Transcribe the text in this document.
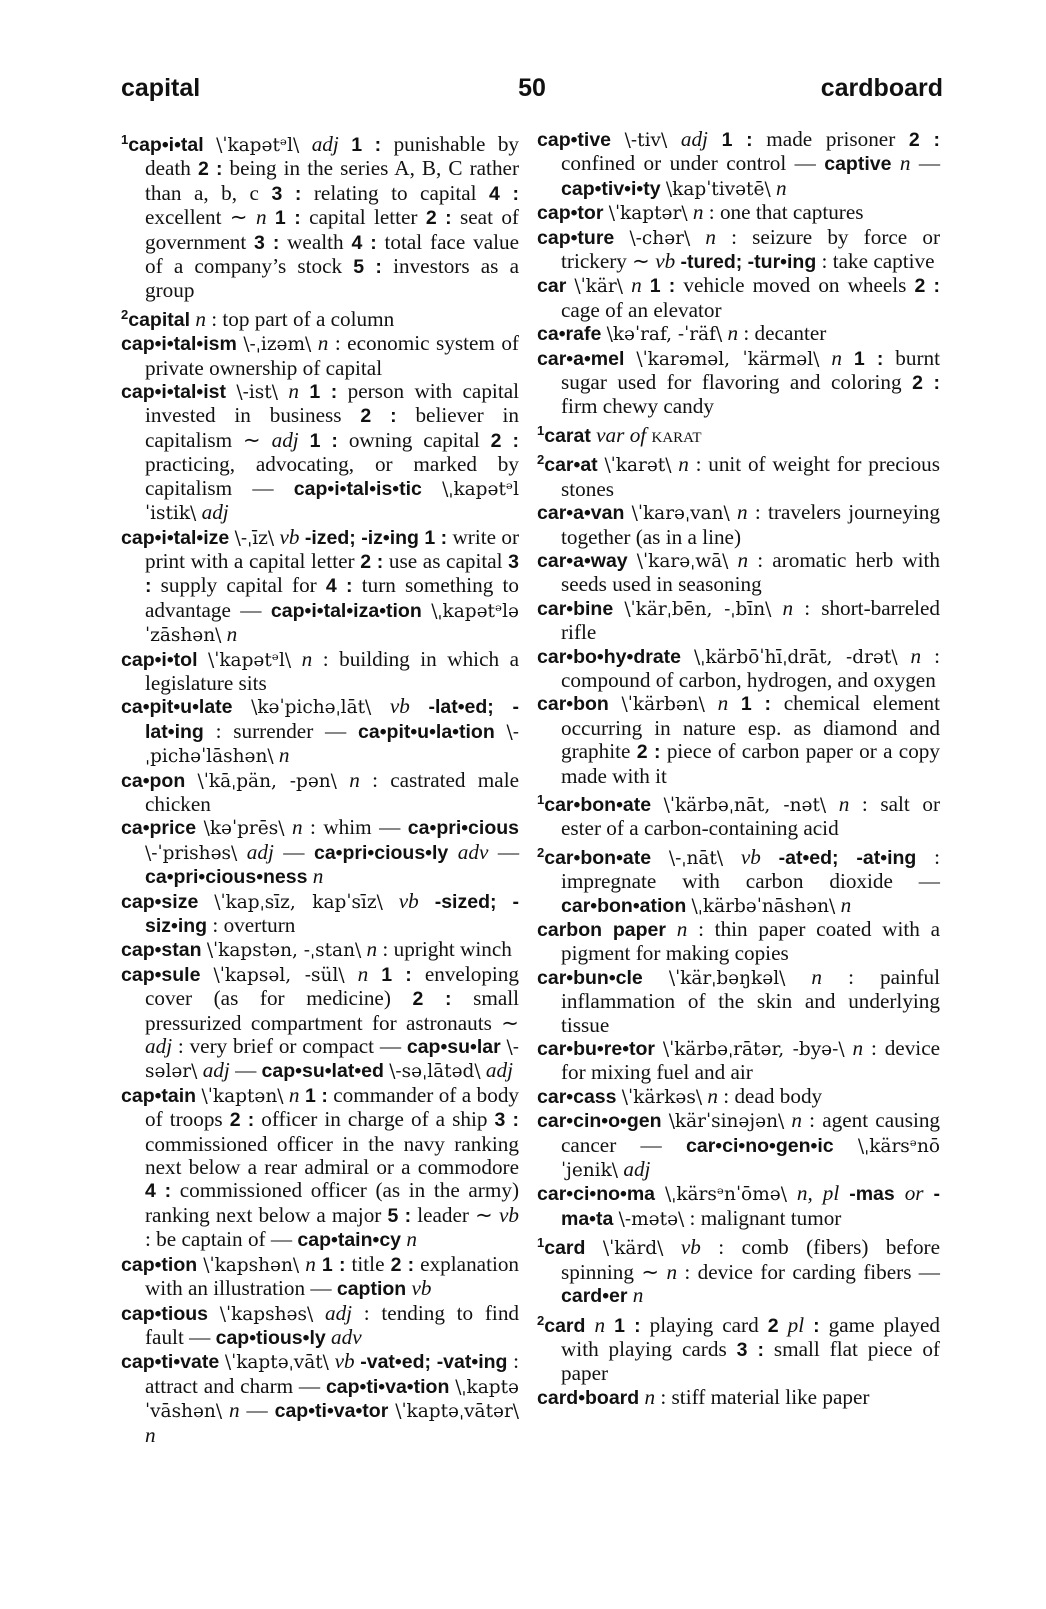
capital	50	cardboard

$^1$cap•i•tal \ˈkapətᵊl\ adj 1 : punishable by death 2 : being in the series A, B, C rather than a, b, c 3 : relating to capital 4 : excellent ∼ n 1 : capital letter 2 : seat of government 3 : wealth 4 : total face value of a company’s stock 5 : investors as a group

$^2$capital n : top part of a column

cap•i•tal•ism \-ˌizəm\ n : economic system of private ownership of capital

cap•i•tal•ist \-ist\ n 1 : person with capital invested in business 2 : believer in capitalism ∼ adj 1 : owning capital 2 : practicing, advocating, or marked by capitalism — cap•i•tal•is•tic \ˌkapətᵊlˈistik\ adj

cap•i•tal•ize \-ˌīz\ vb -ized; -iz•ing 1 : write or print with a capital letter 2 : use as capital 3 : supply capital for 4 : turn something to advantage — cap•i•tal•iza•tion \ˌkapətᵊləˈzāshən\ n

cap•i•tol \ˈkapətᵊl\ n : building in which a legislature sits

ca•pit•u•late \kəˈpichəˌlāt\ vb -lat•ed; -lat•ing : surrender — ca•pit•u•la•tion \-ˌpichəˈlāshən\ n

ca•pon \ˈkāˌpän, -pən\ n : castrated male chicken

ca•price \kəˈprēs\ n : whim — ca•pri•cious \-ˈprishəs\ adj — ca•pri•cious•ly adv — ca•pri•cious•ness n

cap•size \ˈkapˌsīz, kapˈsīz\ vb -sized; -siz•ing : overturn

cap•stan \ˈkapstən, -ˌstan\ n : upright winch

cap•sule \ˈkapsəl, -sül\ n 1 : enveloping cover (as for medicine) 2 : small pressurized compartment for astronauts ∼ adj : very brief or compact — cap•su•lar \-sələr\ adj — cap•su•lat•ed \-səˌlātəd\ adj

cap•tain \ˈkaptən\ n 1 : commander of a body of troops 2 : officer in charge of a ship 3 : commissioned officer in the navy ranking next below a rear admiral or a commodore 4 : commissioned officer (as in the army) ranking next below a major 5 : leader ∼ vb : be captain of — cap•tain•cy n

cap•tion \ˈkapshən\ n 1 : title 2 : explanation with an illustration — caption vb

cap•tious \ˈkapshəs\ adj : tending to find fault — cap•tious•ly adv

cap•ti•vate \ˈkaptəˌvāt\ vb -vat•ed; -vat•ing : attract and charm — cap•ti•va•tion \ˌkaptəˈvāshən\ n — cap•ti•va•tor \ˈkaptəˌvātər\ n

cap•tive \-tiv\ adj 1 : made prisoner 2 : confined or under control — captive n — cap•tiv•i•ty \kapˈtivətē\ n

cap•tor \ˈkaptər\ n : one that captures

cap•ture \-chər\ n : seizure by force or trickery ∼ vb -tured; -tur•ing : take captive

car \ˈkär\ n 1 : vehicle moved on wheels 2 : cage of an elevator

ca•rafe \kəˈraf, -ˈräf\ n : decanter

car•a•mel \ˈkarəməl, ˈkärməl\ n 1 : burnt sugar used for flavoring and coloring 2 : firm chewy candy

$^1$carat var of karat

$^2$car•at \ˈkarət\ n : unit of weight for precious stones

car•a•van \ˈkarəˌvan\ n : travelers journeying together (as in a line)

car•a•way \ˈkarəˌwā\ n : aromatic herb with seeds used in seasoning

car•bine \ˈkärˌbēn, -ˌbīn\ n : short-barreled rifle

car•bo•hy•drate \ˌkärbōˈhīˌdrāt, -drət\ n : compound of carbon, hydrogen, and oxygen

car•bon \ˈkärbən\ n 1 : chemical element occurring in nature esp. as diamond and graphite 2 : piece of carbon paper or a copy made with it

$^1$car•bon•ate \ˈkärbəˌnāt, -nət\ n : salt or ester of a carbon-containing acid

$^2$car•bon•ate \-ˌnāt\ vb -at•ed; -at•ing : impregnate with carbon dioxide — car•bon•ation \ˌkärbəˈnāshən\ n

carbon paper n : thin paper coated with a pigment for making copies

car•bun•cle \ˈkärˌbəŋkəl\ n : painful inflammation of the skin and underlying tissue

car•bu•re•tor \ˈkärbəˌrātər, -byə-\ n : device for mixing fuel and air

car•cass \ˈkärkəs\ n : dead body

car•cin•o•gen \kärˈsinəjən\ n : agent causing cancer — car•ci•no•gen•ic \ˌkärsᵊnōˈjenik\ adj

car•ci•no•ma \ˌkärsᵊnˈōmə\ n, pl -mas or -ma•ta \-mətə\ : malignant tumor

$^1$card \ˈkärd\ vb : comb (fibers) before spinning ∼ n : device for carding fibers — card•er n

$^2$card n 1 : playing card 2 pl : game played with playing cards 3 : small flat piece of paper

card•board n : stiff material like paper
